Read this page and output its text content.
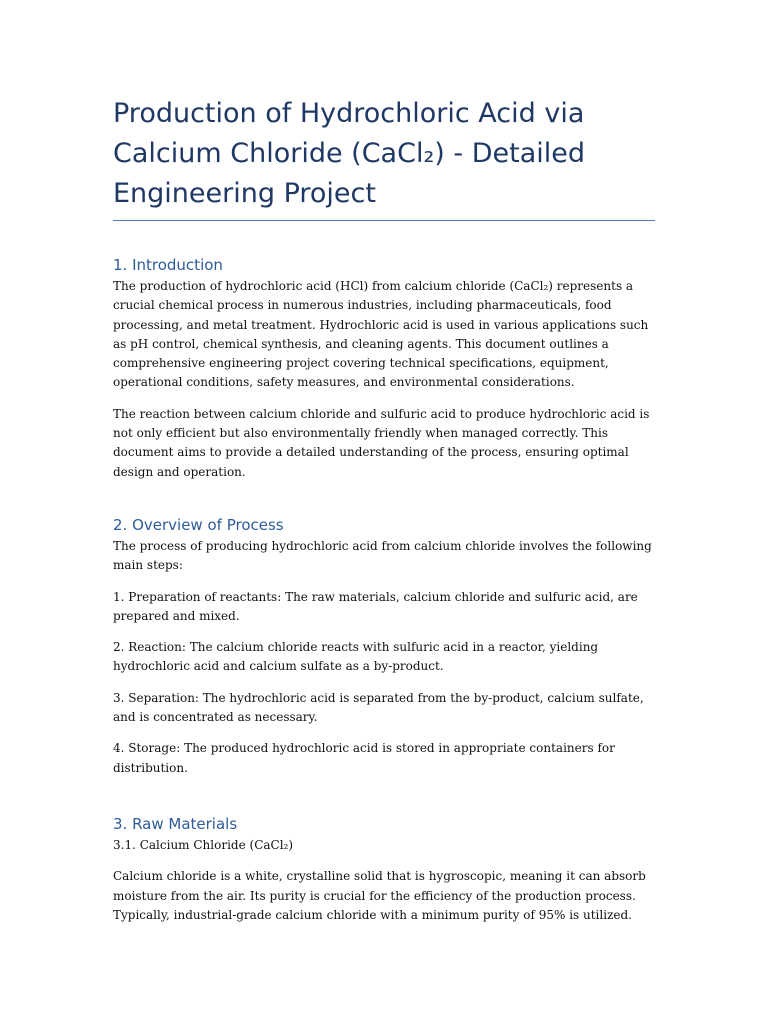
Production of Hydrochloric Acid via Calcium Chloride (CaCl₂) - Detailed Engineering Project
1. Introduction

The production of hydrochloric acid (HCl) from calcium chloride (CaCl₂) represents a crucial chemical process in numerous industries, including pharmaceuticals, food processing, and metal treatment. Hydrochloric acid is used in various applications such as pH control, chemical synthesis, and cleaning agents. This document outlines a comprehensive engineering project covering technical specifications, equipment, operational conditions, safety measures, and environmental considerations.

The reaction between calcium chloride and sulfuric acid to produce hydrochloric acid is not only efficient but also environmentally friendly when managed correctly. This document aims to provide a detailed understanding of the process, ensuring optimal design and operation.

2. Overview of Process

The process of producing hydrochloric acid from calcium chloride involves the following main steps:

1. Preparation of reactants: The raw materials, calcium chloride and sulfuric acid, are prepared and mixed.

2. Reaction: The calcium chloride reacts with sulfuric acid in a reactor, yielding hydrochloric acid and calcium sulfate as a by-product.

3. Separation: The hydrochloric acid is separated from the by-product, calcium sulfate, and is concentrated as necessary.

4. Storage: The produced hydrochloric acid is stored in appropriate containers for distribution.

3. Raw Materials

3.1. Calcium Chloride (CaCl₂)

Calcium chloride is a white, crystalline solid that is hygroscopic, meaning it can absorb moisture from the air. Its purity is crucial for the efficiency of the production process. Typically, industrial-grade calcium chloride with a minimum purity of 95% is utilized.
